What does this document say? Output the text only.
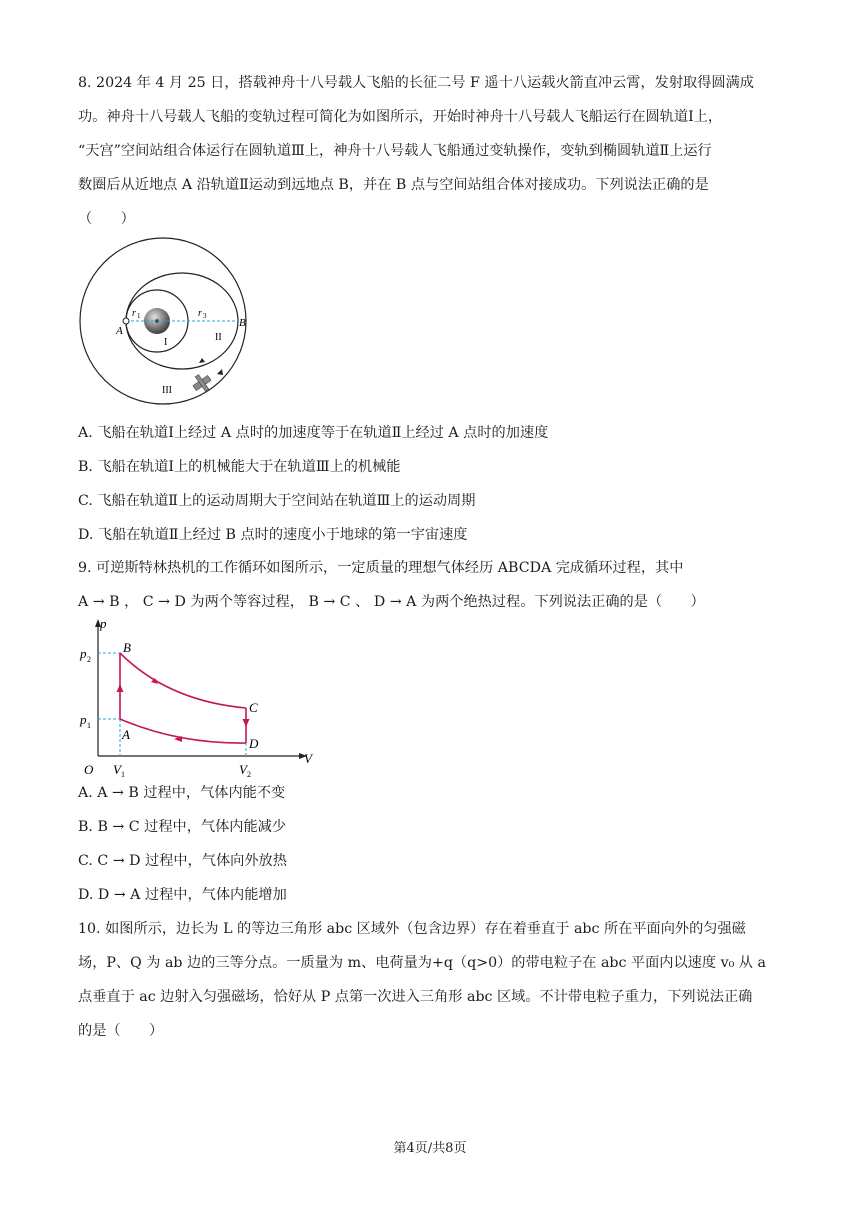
8. 2024 年 4 月 25 日，搭载神舟十八号载人飞船的长征二号 F 遥十八运载火箭直冲云霄，发射取得圆满成
功。神舟十八号载人飞船的变轨过程可简化为如图所示，开始时神舟十八号载人飞船运行在圆轨道Ⅰ上，
“天宫”空间站组合体运行在圆轨道Ⅲ上，神舟十八号载人飞船通过变轨操作，变轨到椭圆轨道Ⅱ上运行
数圈后从近地点 A 沿轨道Ⅱ运动到远地点 B，并在 B 点与空间站组合体对接成功。下列说法正确的是
（　　）
A
B
r 1	r 3
I	II
III
A. 飞船在轨道Ⅰ上经过 A 点时的加速度等于在轨道Ⅱ上经过 A 点时的加速度
B. 飞船在轨道Ⅰ上的机械能大于在轨道Ⅲ上的机械能
C. 飞船在轨道Ⅱ上的运动周期大于空间站在轨道Ⅲ上的运动周期
D. 飞船在轨道Ⅱ上经过 B 点时的速度小于地球的第一宇宙速度
9. 可逆斯特林热机的工作循环如图所示，一定质量的理想气体经历 ABCDA 完成循环过程，其中
A → B ， C → D 为两个等容过程， B → C 、 D → A 为两个绝热过程。下列说法正确的是（　　）
p
V
O
p 2
p 1
V 1	V 2
A
B
C
D
A. A → B 过程中，气体内能不变
B. B → C 过程中，气体内能减少
C. C → D 过程中，气体向外放热
D. D → A 过程中，气体内能增加
10. 如图所示，边长为 L 的等边三角形 abc 区域外（包含边界）存在着垂直于 abc 所在平面向外的匀强磁
场，P、Q 为 ab 边的三等分点。一质量为 m、电荷量为+q（q>0）的带电粒子在 abc 平面内以速度 v₀ 从 a
点垂直于 ac 边射入匀强磁场，恰好从 P 点第一次进入三角形 abc 区域。不计带电粒子重力，下列说法正确
的是（　　）
第4页/共8页
